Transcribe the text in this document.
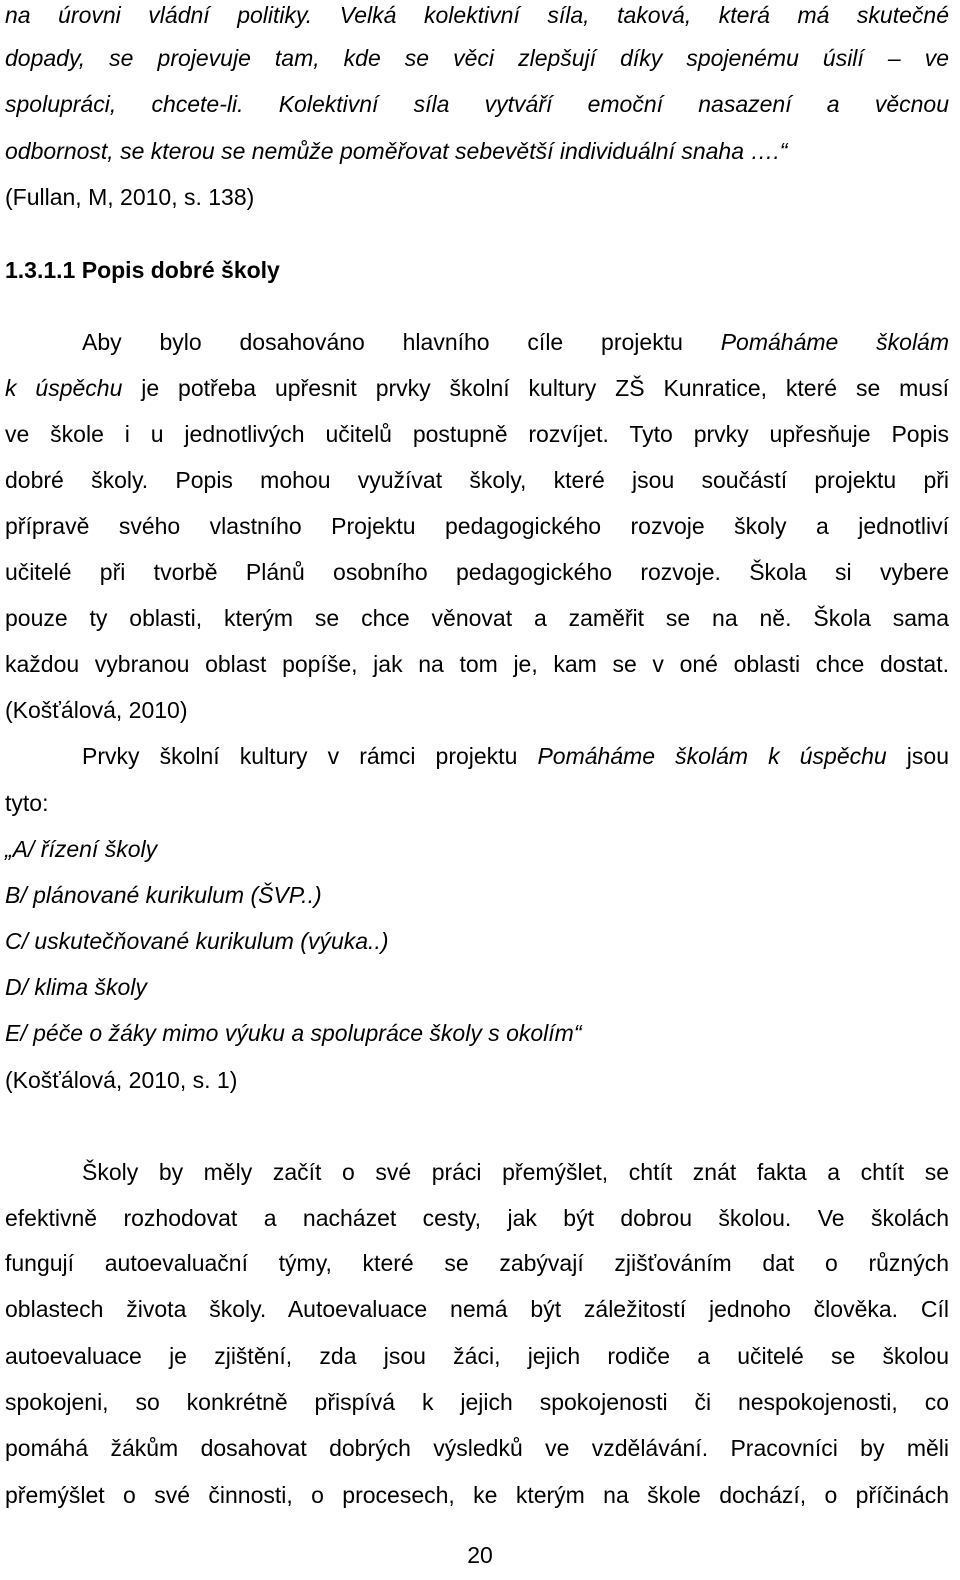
na úrovni vládní politiky. Velká kolektivní síla, taková, která má skutečné
dopady, se projevuje tam, kde se věci zlepšují díky spojenému úsilí – ve
spolupráci, chcete-li. Kolektivní síla vytváří emoční nasazení a věcnou
odbornost, se kterou se nemůže poměřovat sebevětší individuální snaha ….“
(Fullan, M, 2010, s. 138)
1.3.1.1 Popis dobré školy
Aby bylo dosahováno hlavního cíle projektu Pomáháme školám
k úspěchu je potřeba upřesnit prvky školní kultury ZŠ Kunratice, které se musí
ve škole i u jednotlivých učitelů postupně rozvíjet. Tyto prvky upřesňuje Popis
dobré školy. Popis mohou využívat školy, které jsou součástí projektu při
přípravě svého vlastního Projektu pedagogického rozvoje školy a jednotliví
učitelé při tvorbě Plánů osobního pedagogického rozvoje. Škola si vybere
pouze ty oblasti, kterým se chce věnovat a zaměřit se na ně. Škola sama
každou vybranou oblast popíše, jak na tom je, kam se v oné oblasti chce dostat.
(Košťálová, 2010)
Prvky školní kultury v rámci projektu Pomáháme školám k úspěchu jsou
tyto:
„A/ řízení školy
B/ plánované kurikulum (ŠVP..)
C/ uskutečňované kurikulum (výuka..)
D/ klima školy
E/ péče o žáky mimo výuku a spolupráce školy s okolím“
(Košťálová, 2010, s. 1)
Školy by měly začít o své práci přemýšlet, chtít znát fakta a chtít se
efektivně rozhodovat a nacházet cesty, jak být dobrou školou. Ve školách
fungují autoevaluační týmy, které se zabývají zjišťováním dat o různých
oblastech života školy. Autoevaluace nemá být záležitostí jednoho člověka. Cíl
autoevaluace je zjištění, zda jsou žáci, jejich rodiče a učitelé se školou
spokojeni, so konkrétně přispívá k jejich spokojenosti či nespokojenosti, co
pomáhá žákům dosahovat dobrých výsledků ve vzdělávání. Pracovníci by měli
přemýšlet o své činnosti, o procesech, ke kterým na škole dochází, o příčinách
20
